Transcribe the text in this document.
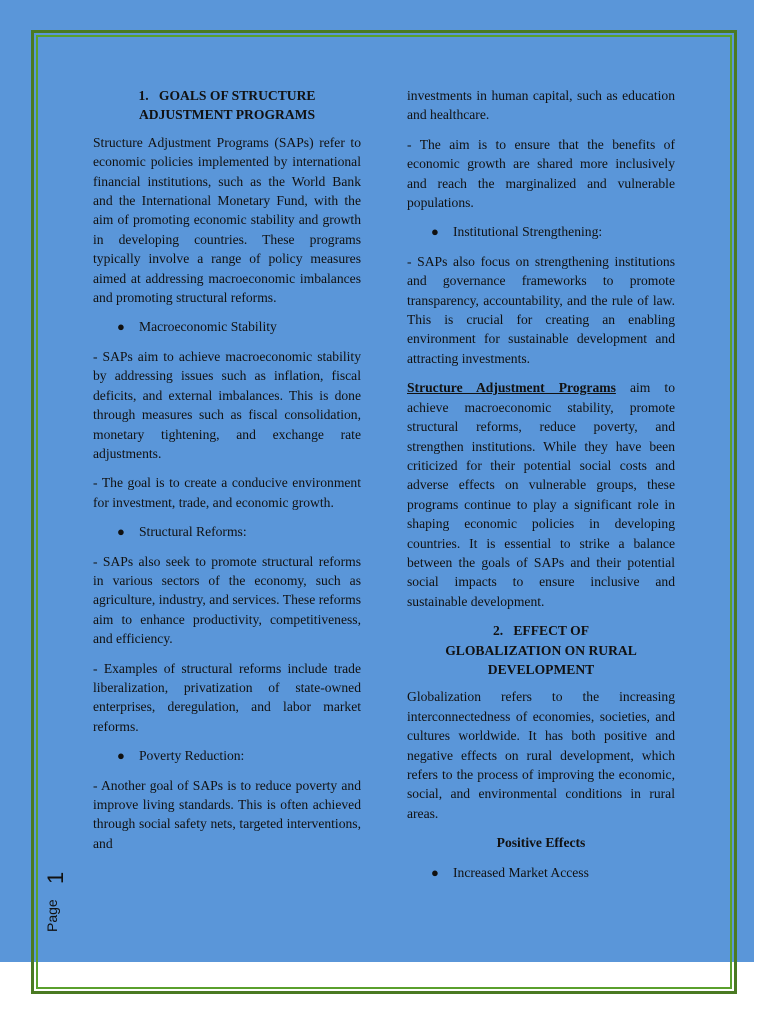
1.   GOALS OF STRUCTURE
ADJUSTMENT PROGRAMS

Structure Adjustment Programs (SAPs) refer to economic policies implemented by international financial institutions, such as the World Bank and the International Monetary Fund, with the aim of promoting economic stability and growth in developing countries. These programs typically involve a range of policy measures aimed at addressing macroeconomic imbalances and promoting structural reforms.

● Macroeconomic Stability

- SAPs aim to achieve macroeconomic stability by addressing issues such as inflation, fiscal deficits, and external imbalances. This is done through measures such as fiscal consolidation, monetary tightening, and exchange rate adjustments.

- The goal is to create a conducive environment for investment, trade, and economic growth.

● Structural Reforms:

- SAPs also seek to promote structural reforms in various sectors of the economy, such as agriculture, industry, and services. These reforms aim to enhance productivity, competitiveness, and efficiency.

- Examples of structural reforms include trade liberalization, privatization of state-owned enterprises, deregulation, and labor market reforms.

● Poverty Reduction:

- Another goal of SAPs is to reduce poverty and improve living standards. This is often achieved through social safety nets, targeted interventions, and

investments in human capital, such as education and healthcare.

- The aim is to ensure that the benefits of economic growth are shared more inclusively and reach the marginalized and vulnerable populations.

● Institutional Strengthening:

- SAPs also focus on strengthening institutions and governance frameworks to promote transparency, accountability, and the rule of law. This is crucial for creating an enabling environment for sustainable development and attracting investments.

Structure Adjustment Programs aim to achieve macroeconomic stability, promote structural reforms, reduce poverty, and strengthen institutions. While they have been criticized for their potential social costs and adverse effects on vulnerable groups, these programs continue to play a significant role in shaping economic policies in developing countries. It is essential to strike a balance between the goals of SAPs and their potential social impacts to ensure inclusive and sustainable development.

2.   EFFECT OF
GLOBALIZATION ON RURAL
DEVELOPMENT

Globalization refers to the increasing interconnectedness of economies, societies, and cultures worldwide. It has both positive and negative effects on rural development, which refers to the process of improving the economic, social, and environmental conditions in rural areas.

Positive Effects
● Increased Market Access
Page
1
